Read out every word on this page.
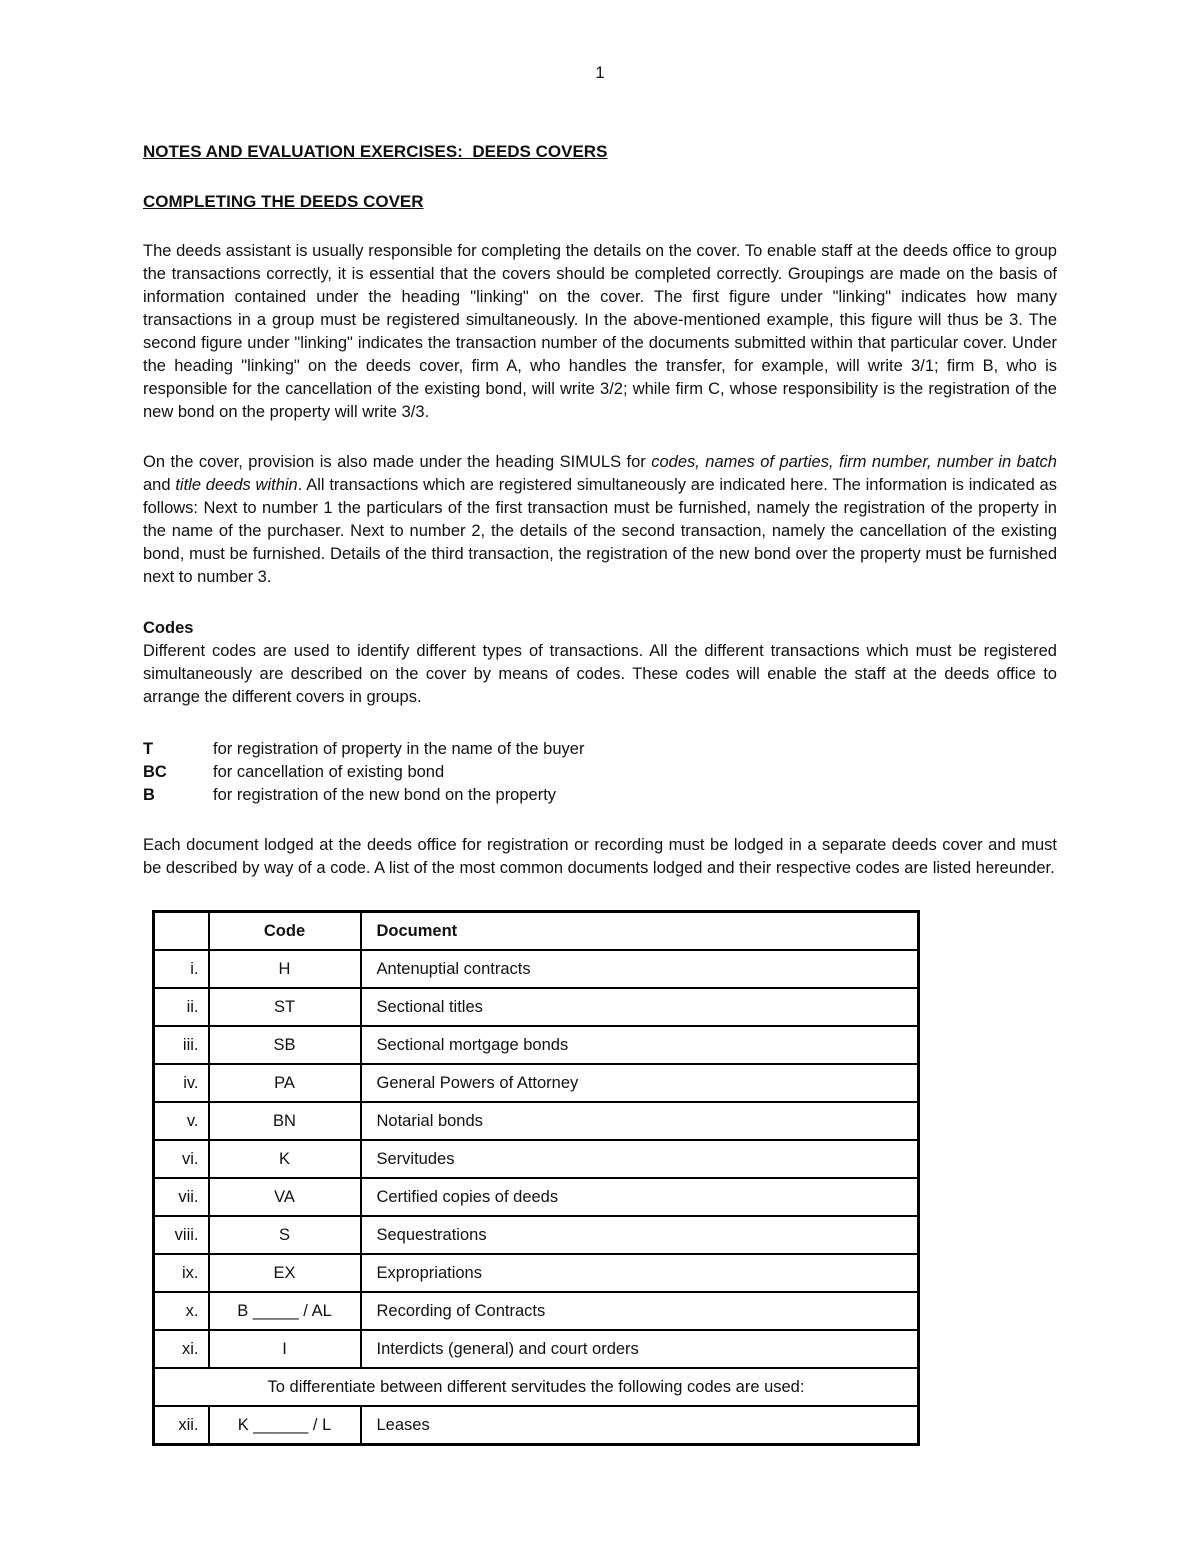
1
NOTES AND EVALUATION EXERCISES:  DEEDS COVERS
COMPLETING THE DEEDS COVER

The deeds assistant is usually responsible for completing the details on the cover. To enable staff at the deeds office to group the transactions correctly, it is essential that the covers should be completed correctly. Groupings are made on the basis of information contained under the heading "linking" on the cover. The first figure under "linking" indicates how many transactions in a group must be registered simultaneously. In the above-mentioned example, this figure will thus be 3. The second figure under "linking" indicates the transaction number of the documents submitted within that particular cover. Under the heading "linking" on the deeds cover, firm A, who handles the transfer, for example, will write 3/1; firm B, who is responsible for the cancellation of the existing bond, will write 3/2; while firm C, whose responsibility is the registration of the new bond on the property will write 3/3.

On the cover, provision is also made under the heading SIMULS for codes, names of parties, firm number, number in batch and title deeds within. All transactions which are registered simultaneously are indicated here. The information is indicated as follows: Next to number 1 the particulars of the first transaction must be furnished, namely the registration of the property in the name of the purchaser. Next to number 2, the details of the second transaction, namely the cancellation of the existing bond, must be furnished. Details of the third transaction, the registration of the new bond over the property must be furnished next to number 3.

Codes

Different codes are used to identify different types of transactions. All the different transactions which must be registered simultaneously are described on the cover by means of codes. These codes will enable the staff at the deeds office to arrange the different covers in groups.

T	for registration of property in the name of the buyer
BC	for cancellation of existing bond
B	for registration of the new bond on the property

Each document lodged at the deeds office for registration or recording must be lodged in a separate deeds cover and must be described by way of a code. A list of the most common documents lodged and their respective codes are listed hereunder.

	Code	Document
i.	H	Antenuptial contracts
ii.	ST	Sectional titles
iii.	SB	Sectional mortgage bonds
iv.	PA	General Powers of Attorney
v.	BN	Notarial bonds
vi.	K	Servitudes
vii.	VA	Certified copies of deeds
viii.	S	Sequestrations
ix.	EX	Expropriations
x.	B _____ / AL	Recording of Contracts
xi.	I	Interdicts (general) and court orders
To differentiate between different servitudes the following codes are used:		
xii.	K ______ / L	Leases
